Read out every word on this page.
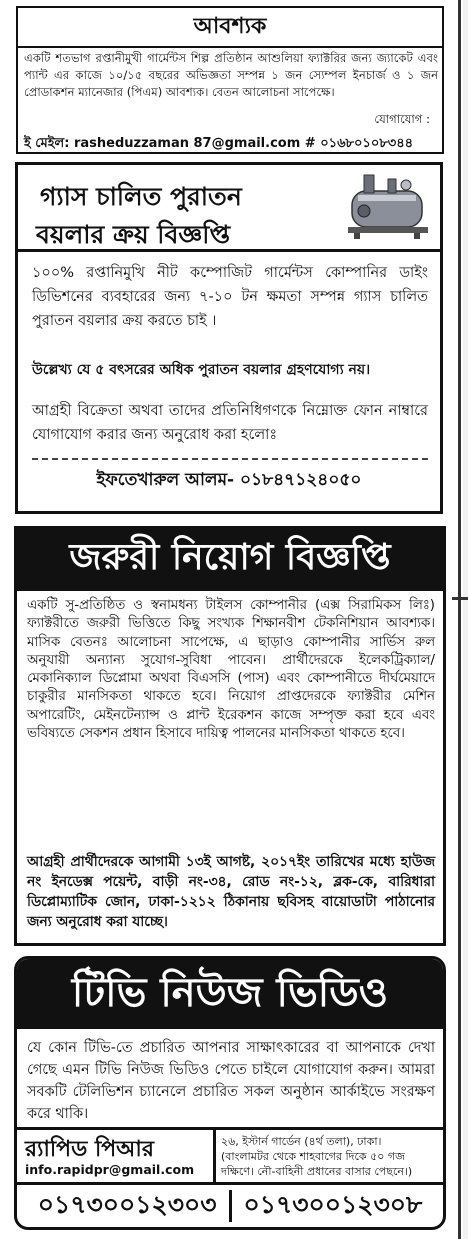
আবশ্যক
একটি শতভাগ রপ্তানীমুখী গার্মেন্টস শিল্প প্রতিষ্ঠান আশুলিয়া ফ্যাক্টরির জন্য জ্যাকেট এবং প্যান্ট এর কাজে ১০/১৫ বছরের অভিজ্ঞতা সম্পন্ন ১ জন স্যেম্পল ইনচার্জ ও ১ জন প্রোডাকশন ম্যানেজার (পিএম) আবশ্যক। বেতন আলোচনা সাপেক্ষে।
যোগাযোগ :
ই মেইল: rasheduzzaman 87@gmail.com # ০১৬৮০১০৮৩৪৪
গ্যাস চালিত পুরাতন
বয়লার ক্রয় বিজ্ঞপ্তি
১০০% রপ্তানিমুখি নীট কম্পোজিট গার্মেন্টস কোম্পানির ডাইং ডিভিশনের ব্যবহারের জন্য ৭-১০ টন ক্ষমতা সম্পন্ন গ্যাস চালিত পুরাতন বয়লার ক্রয় করতে চাই ।
উল্লেখ্য যে ৫ বৎসরের অধিক পুরাতন বয়লার গ্রহণযোগ্য নয়।
আগ্রহী বিক্রেতা অথবা তাদের প্রতিনিধিগণকে নিম্নোক্ত ফোন নাম্বারে যোগাযোগ করার জন্য অনুরোধ করা হলোঃ
ইফতেখারুল আলম- ০১৮৪৭১২৪০৫০
জরুরী নিয়োগ বিজ্ঞপ্তি
একটি সু-প্রতিষ্ঠিত ও স্বনামধন্য টাইলস কোম্পানীর (এক্স সিরামিকস লিঃ) ফ্যাক্টরীতে জরুরী ভিত্তিতে কিছু সংখ্যক শিক্ষানবীশ টেকনিশিয়ান আবশ্যক। মাসিক বেতনঃ আলোচনা সাপেক্ষে, এ ছাড়াও কোম্পানীর সার্ভিস রুল অনুযায়ী অন্যান্য সুযোগ-সুবিধা পাবেন। প্রার্থীদেরকে ইলেকট্রিক্যাল/মেকানিক্যাল ডিপ্লোমা অথবা বিএসসি (পাস) এবং কোম্পানীতে দীর্ঘমেয়াদে চাকুরীর মানসিকতা থাকতে হবে। নিয়োগ প্রাপ্তদেরকে ফ্যাক্টরীর মেশিন অপারেটিং, মেইনটেন্যান্স ও প্লান্ট ইরেকশন কাজে সম্পৃক্ত করা হবে এবং ভবিষ্যতে সেকশন প্রধান হিসাবে দায়িত্ব পালনের মানসিকতা থাকতে হবে।
আগ্রহী প্রার্থীদেরকে আগামী ১৩ই আগষ্ট, ২০১৭ইং তারিখের মধ্যে হাউজ নং ইনডেক্স পয়েন্ট, বাড়ী নং-৩৪, রোড নং-১২, ব্লক-কে, বারিধারা ডিপ্লোম্যাটিক জোন, ঢাকা-১২১২ ঠিকানায় ছবিসহ বায়োডাটা পাঠানোর জন্য অনুরোধ করা যাচ্ছে।
টিভি নিউজ ভিডিও
যে কোন টিভি-তে প্রচারিত আপনার সাক্ষাৎকারের বা আপনাকে দেখা গেছে এমন টিভি নিউজ ভিডিও পেতে চাইলে যোগাযোগ করুন। আমরা সবকটি টেলিভিশন চ্যানেলে প্রচারিত সকল অনুষ্ঠান আর্কাইভে সংরক্ষণ করে থাকি।
র‍্যাপিড পিআর
info.rapidpr@gmail.com
২৬, ইস্টার্ন গার্ডেন (৪র্থ তলা), ঢাকা।
(বাংলামটর থেকে শাহবাগের দিকে ৫০ গজ দক্ষিণে। নৌ-বাহিনী প্রধানের বাসার পেছনে।)
০১৭৩০০১২৩০৩ ০১৭৩০০১২৩০৮
